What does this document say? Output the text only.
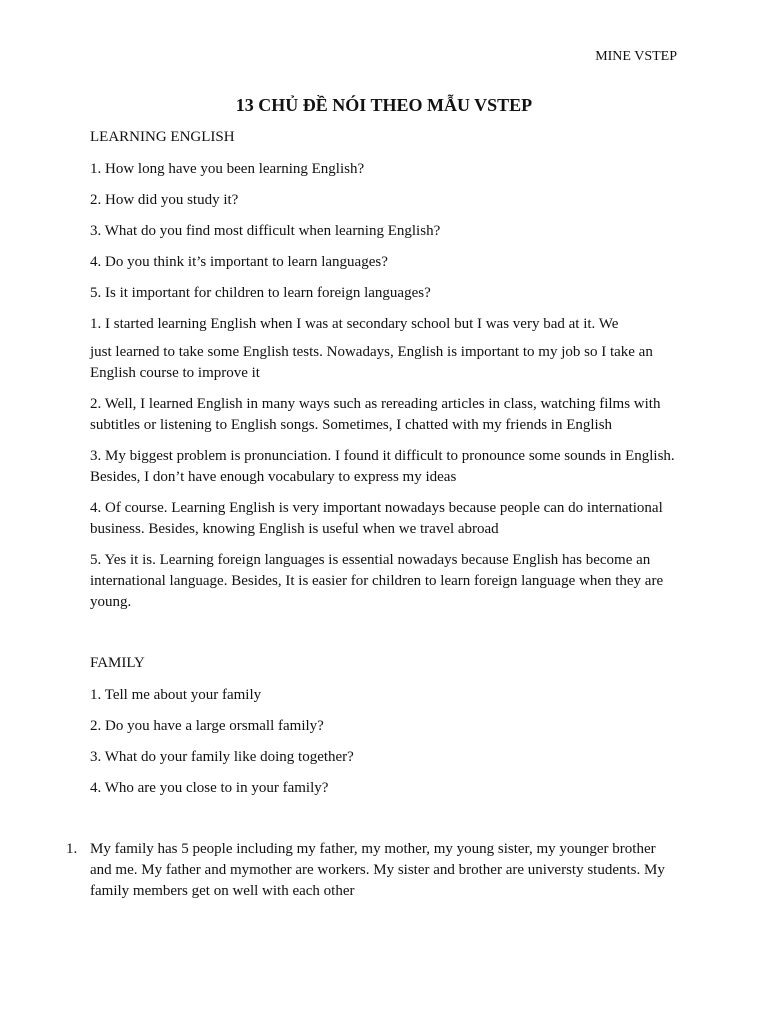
MINE VSTEP
13 CHỦ ĐỀ NÓI THEO MẪU VSTEP

LEARNING ENGLISH

1. How long have you been learning English?

2. How did you study it?

3. What do you find most difficult when learning English?

4. Do you think it’s important to learn languages?

5. Is it important for children to learn foreign languages?

1. I started learning English when I was at secondary school but I was very bad at it. We

just learned to take some English tests. Nowadays, English is important to my job so I take an English course to improve it

2. Well, I learned English in many ways such as rereading articles in class, watching films with subtitles or listening to English songs. Sometimes, I chatted with my friends in English

3. My biggest problem is pronunciation. I found it difficult to pronounce some sounds in English. Besides, I don’t have enough vocabulary to express my ideas

4. Of course. Learning English is very important nowadays because people can do international business. Besides, knowing English is useful when we travel abroad

5. Yes it is. Learning foreign languages is essential nowadays because English has become an international language. Besides, It is easier for children to learn foreign language when they are young.

FAMILY

1. Tell me about your family

2. Do you have a large orsmall family?

3. What do your family like doing together?

4. Who are you close to in your family?

1. My family has 5 people including my father, my mother, my young sister, my younger brother and me. My father and mymother are workers. My sister and brother are universty students. My family members get on well with each other
